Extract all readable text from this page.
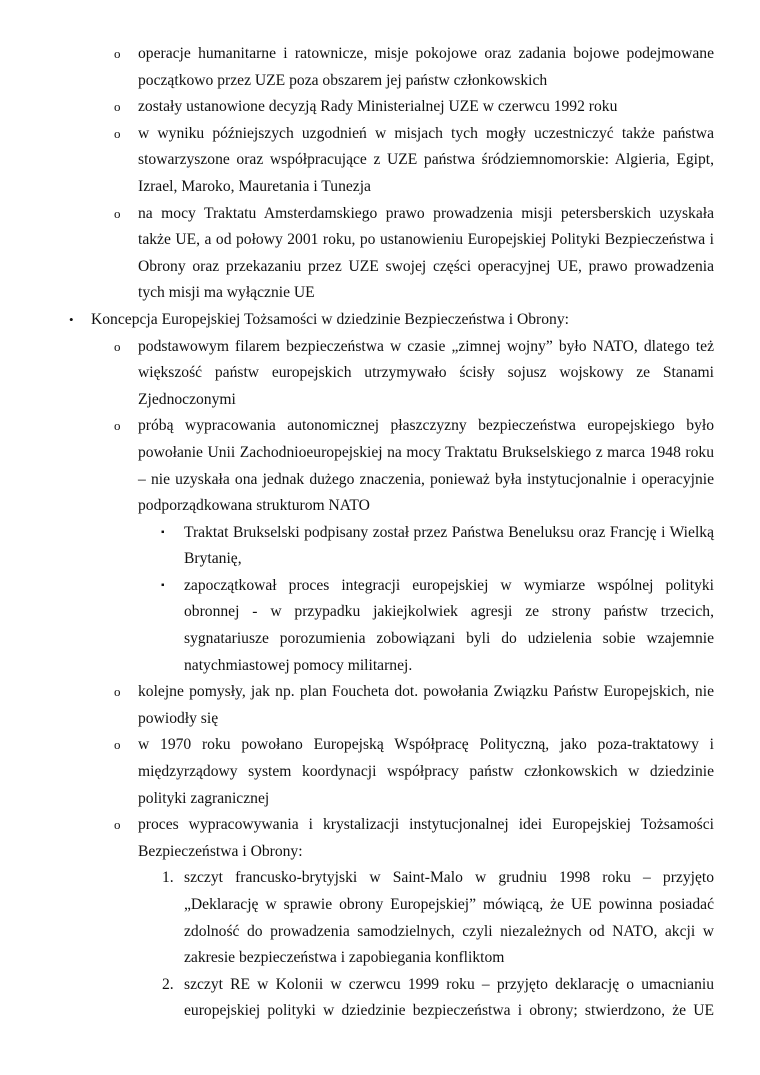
o operacje humanitarne i ratownicze, misje pokojowe oraz zadania bojowe podejmowane początkowo przez UZE poza obszarem jej państw członkowskich
o zostały ustanowione decyzją Rady Ministerialnej UZE w czerwcu 1992 roku
o w wyniku późniejszych uzgodnień w misjach tych mogły uczestniczyć także państwa stowarzyszone oraz współpracujące z UZE państwa śródziemnomorskie: Algieria, Egipt, Izrael, Maroko, Mauretania i Tunezja
o na mocy Traktatu Amsterdamskiego prawo prowadzenia misji petersberskich uzyskała także UE, a od połowy 2001 roku, po ustanowieniu Europejskiej Polityki Bezpieczeństwa i Obrony oraz przekazaniu przez UZE swojej części operacyjnej UE, prawo prowadzenia tych misji ma wyłącznie UE
• Koncepcja Europejskiej Tożsamości w dziedzinie Bezpieczeństwa i Obrony:
o podstawowym filarem bezpieczeństwa w czasie „zimnej wojny” było NATO, dlatego też większość państw europejskich utrzymywało ścisły sojusz wojskowy ze Stanami Zjednoczonymi
o próbą wypracowania autonomicznej płaszczyzny bezpieczeństwa europejskiego było powołanie Unii Zachodnioeuropejskiej na mocy Traktatu Brukselskiego z marca 1948 roku – nie uzyskała ona jednak dużego znaczenia, ponieważ była instytucjonalnie i operacyjnie podporządkowana strukturom NATO
▪ Traktat Brukselski podpisany został przez Państwa Beneluksu oraz Francję i Wielką Brytanię,
▪ zapoczątkował proces integracji europejskiej w wymiarze wspólnej polityki obronnej - w przypadku jakiejkolwiek agresji ze strony państw trzecich, sygnatariusze porozumienia zobowiązani byli do udzielenia sobie wzajemnie natychmiastowej pomocy militarnej.
o kolejne pomysły, jak np. plan Foucheta dot. powołania Związku Państw Europejskich, nie powiodły się
o w 1970 roku powołano Europejską Współpracę Polityczną, jako poza-traktatowy i międzyrządowy system koordynacji współpracy państw członkowskich w dziedzinie polityki zagranicznej
o proces wypracowywania i krystalizacji instytucjonalnej idei Europejskiej Tożsamości Bezpieczeństwa i Obrony:
1. szczyt francusko-brytyjski w Saint-Malo w grudniu 1998 roku – przyjęto „Deklarację w sprawie obrony Europejskiej” mówiącą, że UE powinna posiadać zdolność do prowadzenia samodzielnych, czyli niezależnych od NATO, akcji w zakresie bezpieczeństwa i zapobiegania konfliktom
2. szczyt RE w Kolonii w czerwcu 1999 roku – przyjęto deklarację o umacnianiu europejskiej polityki w dziedzinie bezpieczeństwa i obrony; stwierdzono, że UE
